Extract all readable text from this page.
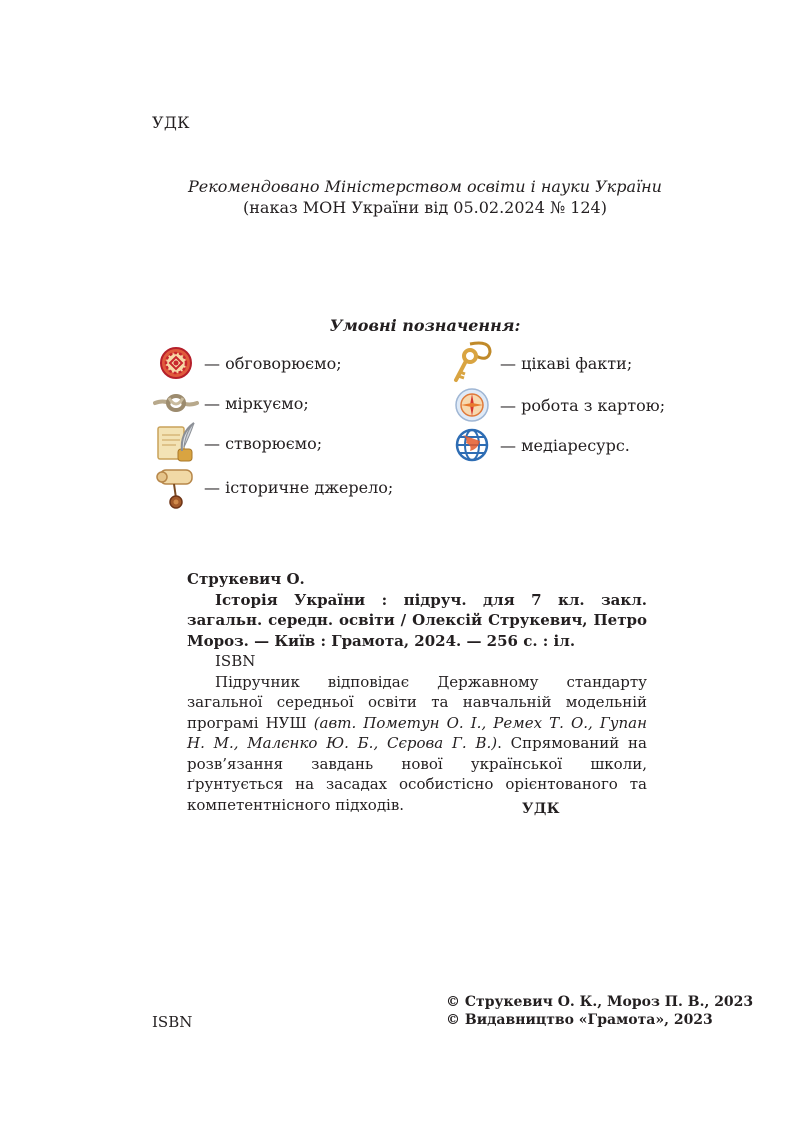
УДК
Рекомендовано Міністерством освіти і науки України
(наказ МОН України від 05.02.2024 № 124)
Умовні позначення:
— обговорюємо;
— міркуємо;
— створюємо;
— історичне джерело;
— цікаві факти;
— робота з картою;
— медіаресурс.
Струкевич О.
Історія України : підруч. для 7 кл. закл. загальн. середн. освіти / Олексій Струкевич, Петро Мороз. — Київ : Грамота, 2024. — 256 с. : іл.
ISBN
Підручник відповідає Державному стандарту загальної середньої освіти та навчальній модельній програмі НУШ (авт. Пометун О. І., Ремех Т. О., Гупан Н. М., Малєнко Ю. Б., Сєрова Г. В.). Спрямований на розв’язання завдань нової української школи, ґрунтується на засадах особистісно орієнтованого та компетентнісного підходів.	УДК
ISBN
© Струкевич О. К., Мороз П. В., 2023
© Видавництво «Грамота», 2023
